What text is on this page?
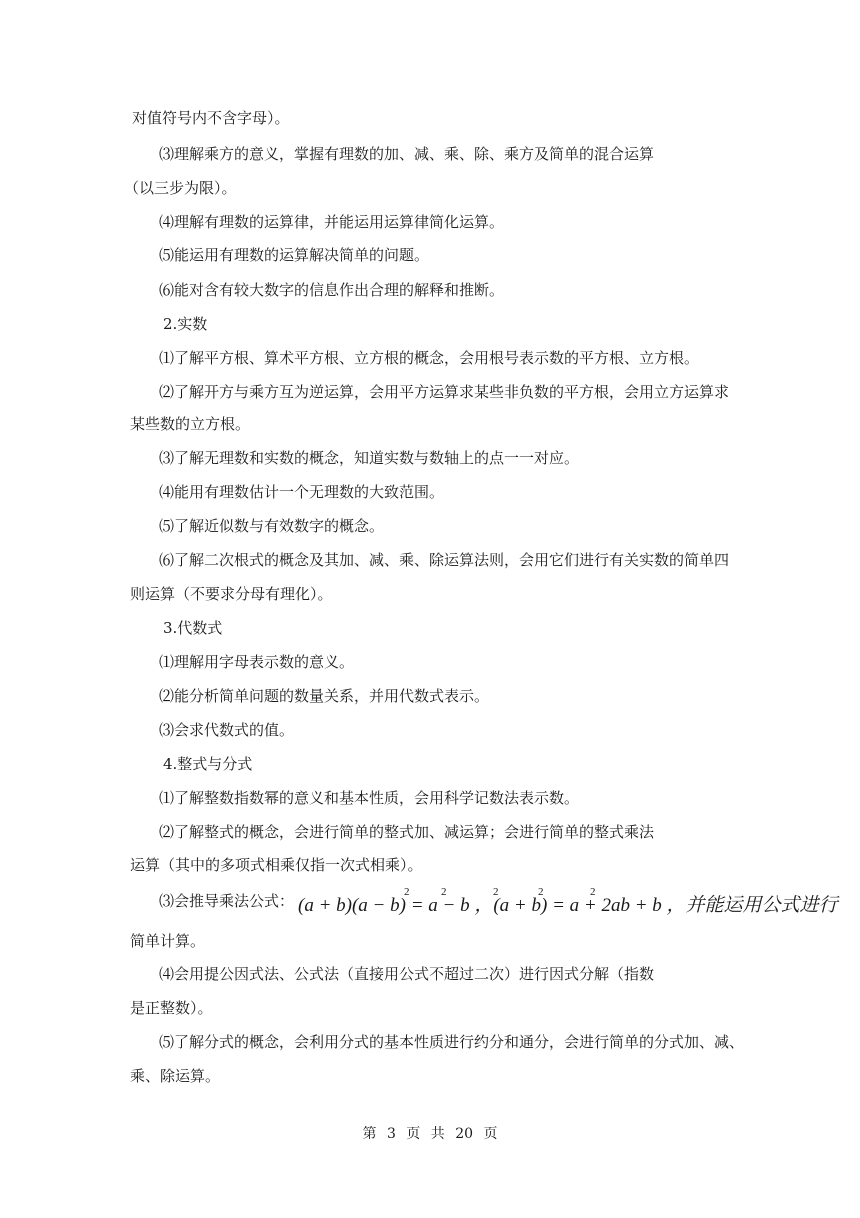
对值符号内不含字母）。
⑶理解乘方的意义，掌握有理数的加、减、乘、除、乘方及简单的混合运算
（以三步为限）。
⑷理解有理数的运算律，并能运用运算律简化运算。
⑸能运用有理数的运算解决简单的问题。
⑹能对含有较大数字的信息作出合理的解释和推断。
2.实数
⑴了解平方根、算术平方根、立方根的概念，会用根号表示数的平方根、立方根。
⑵了解开方与乘方互为逆运算，会用平方运算求某些非负数的平方根，会用立方运算求
某些数的立方根。
⑶了解无理数和实数的概念，知道实数与数轴上的点一一对应。
⑷能用有理数估计一个无理数的大致范围。
⑸了解近似数与有效数字的概念。
⑹了解二次根式的概念及其加、减、乘、除运算法则，会用它们进行有关实数的简单四
则运算（不要求分母有理化）。
3.代数式
⑴理解用字母表示数的意义。
⑵能分析简单问题的数量关系，并用代数式表示。
⑶会求代数式的值。
4.整式与分式
⑴了解整数指数幂的意义和基本性质，会用科学记数法表示数。
⑵了解整式的概念，会进行简单的整式加、减运算；会进行简单的整式乘法
运算（其中的多项式相乘仅指一次式相乘）。
⑶会推导乘法公式： (a + b)(a − b) = a − b ，(a + b) = a + 2ab + b ，并能运用公式进行
2	2	2	2	2
简单计算。
⑷会用提公因式法、公式法（直接用公式不超过二次）进行因式分解（指数
是正整数）。
⑸了解分式的概念，会利用分式的基本性质进行约分和通分，会进行简单的分式加、减、
乘、除运算。
第 3 页 共 20 页
